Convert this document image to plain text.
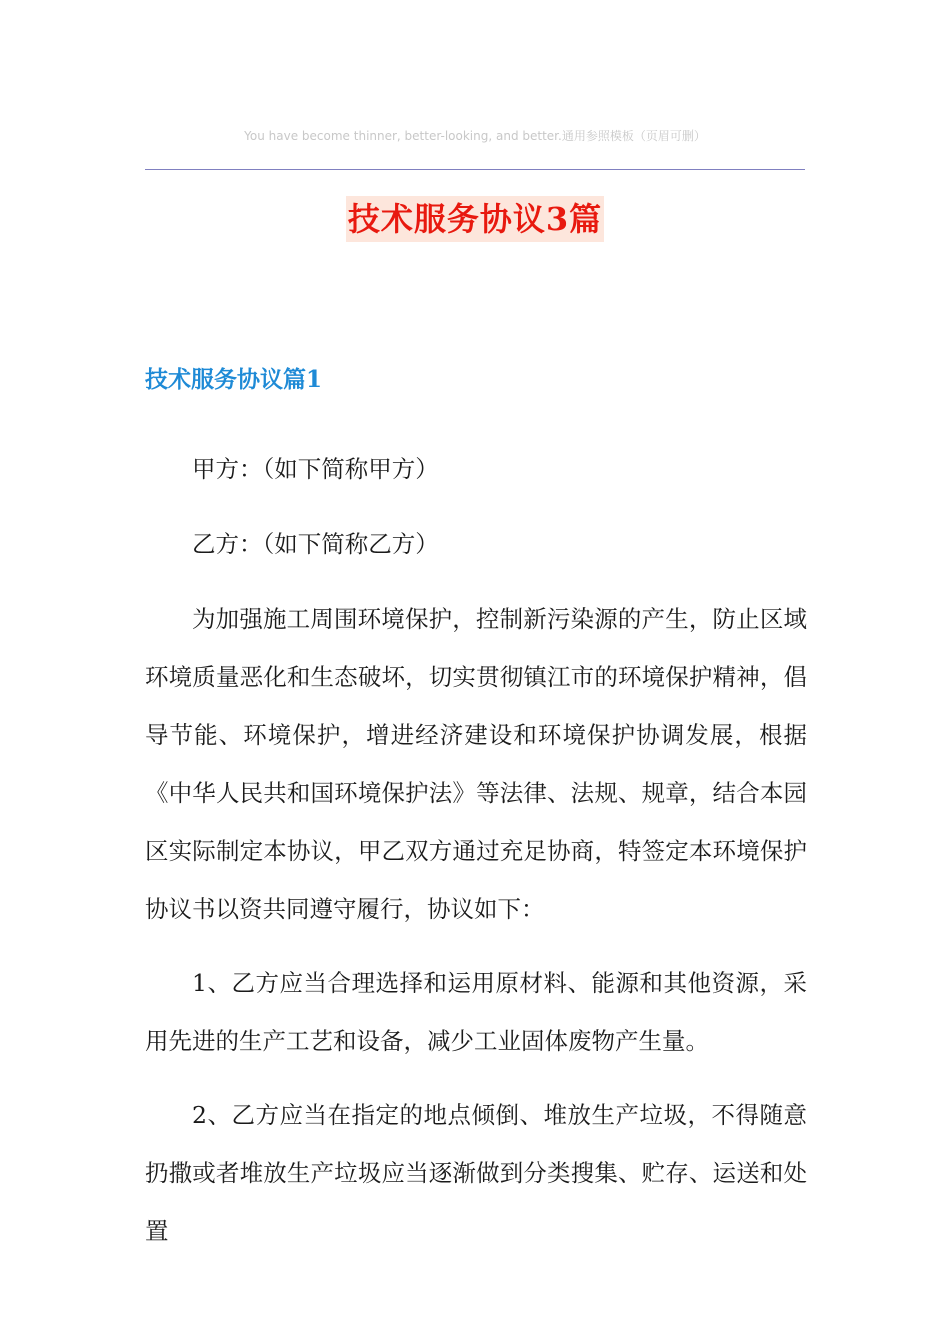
You have become thinner, better-looking, and better.通用参照模板（页眉可删）
技术服务协议3篇
技术服务协议篇1

甲方：（如下简称甲方）

乙方：（如下简称乙方）

为加强施工周围环境保护，控制新污染源的产生，防止区域环境质量恶化和生态破坏，切实贯彻镇江市的环境保护精神，倡导节能、环境保护，增进经济建设和环境保护协调发展，根据《中华人民共和国环境保护法》等法律、法规、规章，结合本园区实际制定本协议，甲乙双方通过充足协商，特签定本环境保护协议书以资共同遵守履行，协议如下：

1、乙方应当合理选择和运用原材料、能源和其他资源，采用先进的生产工艺和设备，减少工业固体废物产生量。

2、乙方应当在指定的地点倾倒、堆放生产垃圾，不得随意扔撒或者堆放生产垃圾应当逐渐做到分类搜集、贮存、运送和处置
